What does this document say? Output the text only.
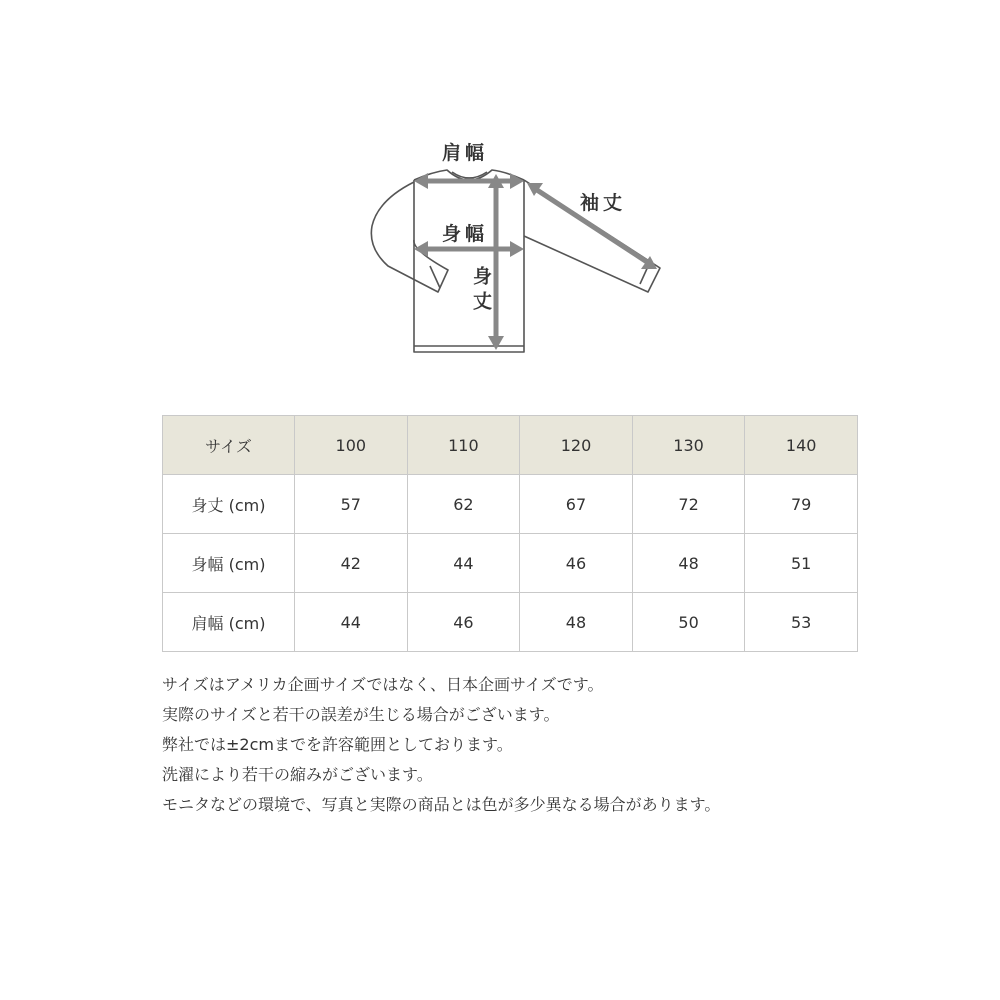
肩幅
袖丈
身幅
身丈
サイズ	100	110	120	130	140
身丈 (cm)	57	62	67	72	79
身幅 (cm)	42	44	46	48	51
肩幅 (cm)	44	46	48	50	53

サイズはアメリカ企画サイズではなく、日本企画サイズです。

実際のサイズと若干の誤差が生じる場合がございます。

弊社では±2cmまでを許容範囲としております。

洗濯により若干の縮みがございます。

モニタなどの環境で、写真と実際の商品とは色が多少異なる場合があります。
